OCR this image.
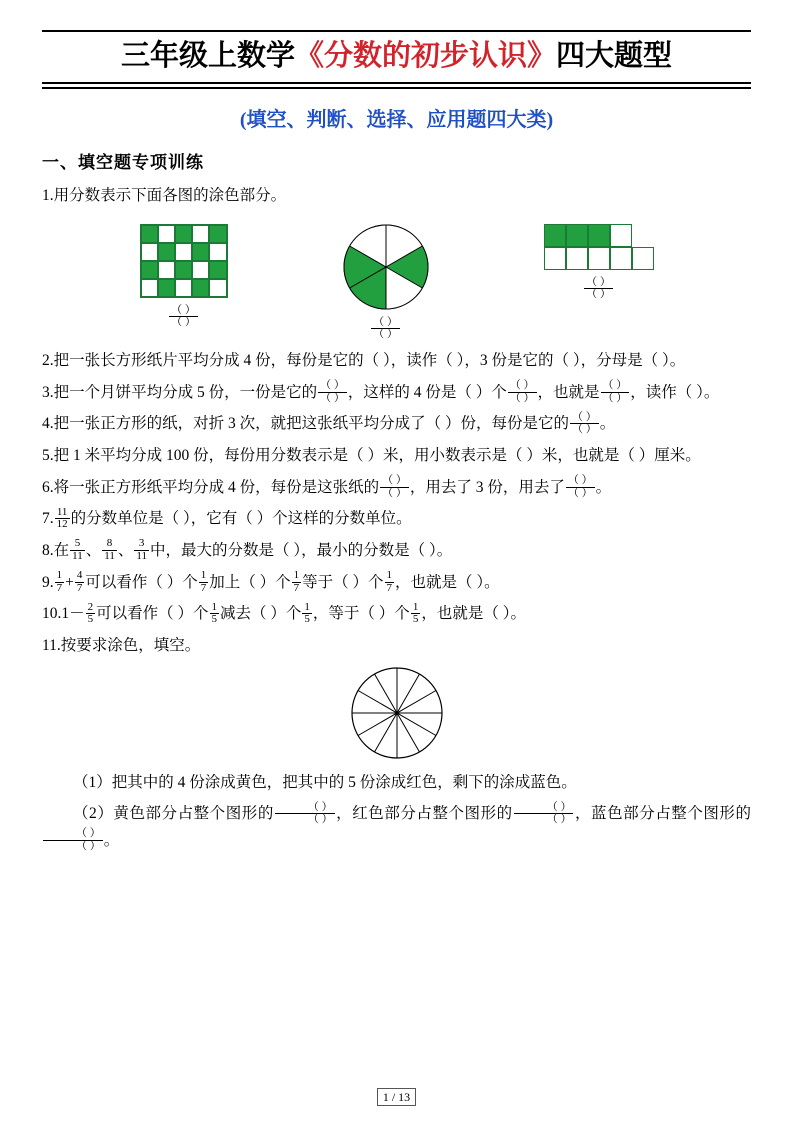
三年级上数学《分数的初步认识》四大题型
(填空、判断、选择、应用题四大类)
一、填空题专项训练
1.用分数表示下面各图的涂色部分。
$\frac{( )}{( )}$	$\frac{( )}{( )}$
$\frac{( )}{( )}$
2.把一张长方形纸片平均分成 4 份，每份是它的（ ），读作（ ），3 份是它的（ ），分母是（ ）。
3.把一个月饼平均分成 5 份，一份是它的 $\frac{( )}{( )}$ ，这样的 4 份是（ ）个 $\frac{( )}{( )}$ ，也就是 $\frac{( )}{( )}$ ，读作（ ）。
4.把一张正方形的纸，对折 3 次，就把这张纸平均分成了（ ）份，每份是它的 $\frac{( )}{( )}$ 。
5.把 1 米平均分成 100 份，每份用分数表示是（ ）米，用小数表示是（ ）米，也就是（ ）厘米。
6.将一张正方形纸平均分成 4 份，每份是这张纸的 $\frac{( )}{( )}$ ，用去了 3 份，用去了 $\frac{( )}{( )}$ 。
7. $\frac{11}{12}$ 的分数单位是（ ），它有（ ）个这样的分数单位。
8.在 $\frac{5}{11}$ 、 $\frac{8}{11}$ 、 $\frac{3}{11}$ 中，最大的分数是（ ），最小的分数是（ ）。
9. $\frac{1}{7} + \frac{4}{7}$ 可以看作（ ）个 $\frac{1}{7}$ 加上（ ）个 $\frac{1}{7}$ 等于（ ）个 $\frac{1}{7}$ ，也就是（ ）。
$10.1- \frac{2}{5}$ 可以看作（ ）个 $\frac{1}{5}$ 减去（ ）个 $\frac{1}{5}$ ，等于（ ）个 $\frac{1}{5}$ ，也就是（ ）。
11.按要求涂色，填空。
（1）把其中的 4 份涂成黄色，把其中的 5 份涂成红色，剩下的涂成蓝色。
（2）黄色部分占整个图形的 $\frac{( )}{( )}$ ，红色部分占整个图形的 $\frac{( )}{( )}$ ，蓝色部分占整个图形的
$\frac{( )}{( )}$ 。
1 / 13
